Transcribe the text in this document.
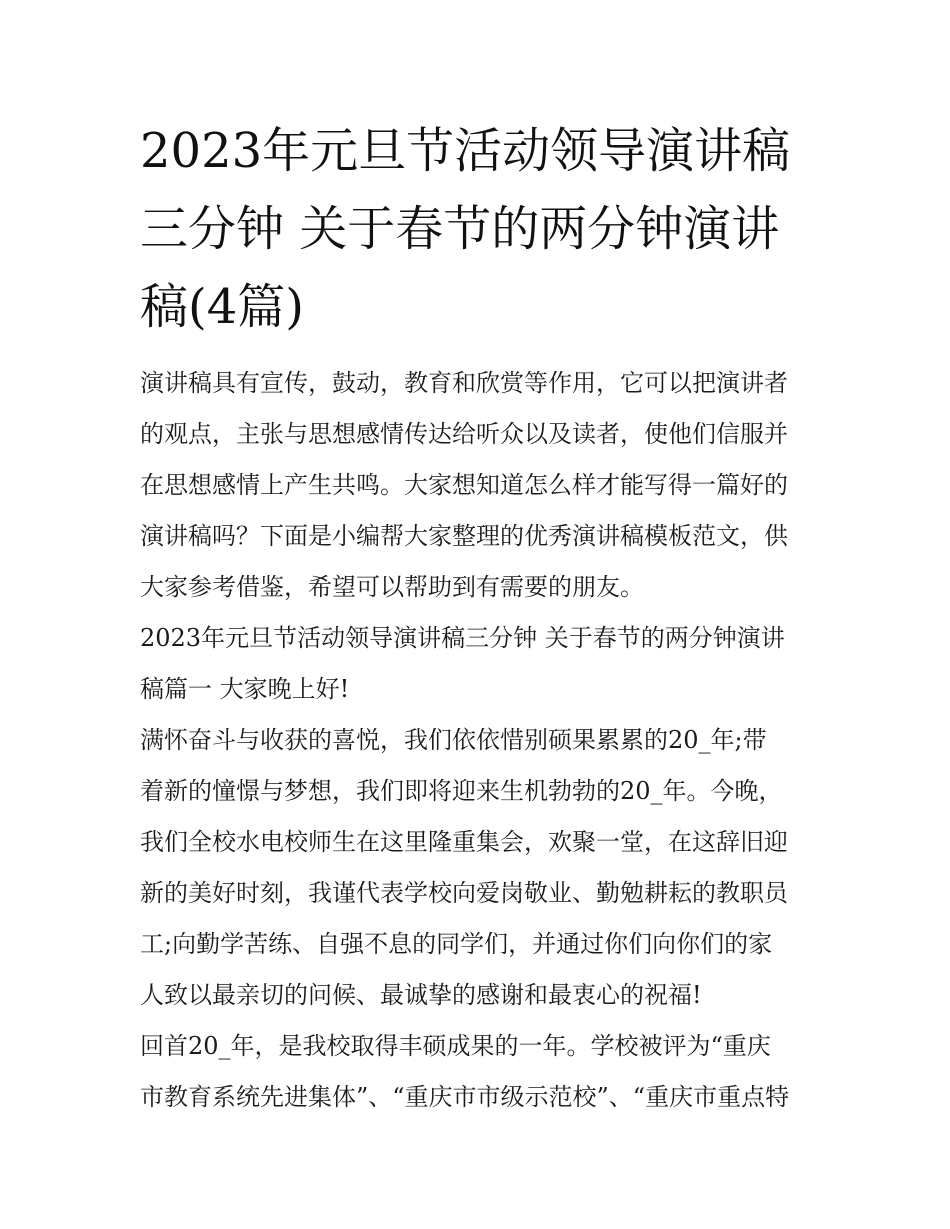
2023年元旦节活动领导演讲稿
三分钟 关于春节的两分钟演讲
稿(4篇)
演讲稿具有宣传，鼓动，教育和欣赏等作用，它可以把演讲者
的观点，主张与思想感情传达给听众以及读者，使他们信服并
在思想感情上产生共鸣。大家想知道怎么样才能写得一篇好的
演讲稿吗？下面是小编帮大家整理的优秀演讲稿模板范文，供
大家参考借鉴，希望可以帮助到有需要的朋友。
2023年元旦节活动领导演讲稿三分钟 关于春节的两分钟演讲
稿篇一 大家晚上好!
满怀奋斗与收获的喜悦，我们依依惜别硕果累累的20_年;带
着新的憧憬与梦想，我们即将迎来生机勃勃的20_年。今晚，
我们全校水电校师生在这里隆重集会，欢聚一堂，在这辞旧迎
新的美好时刻，我谨代表学校向爱岗敬业、勤勉耕耘的教职员
工;向勤学苦练、自强不息的同学们，并通过你们向你们的家
人致以最亲切的问候、最诚挚的感谢和最衷心的祝福!
回首20_年，是我校取得丰硕成果的一年。学校被评为“重庆
市教育系统先进集体”、“重庆市市级示范校”、“重庆市重点特
